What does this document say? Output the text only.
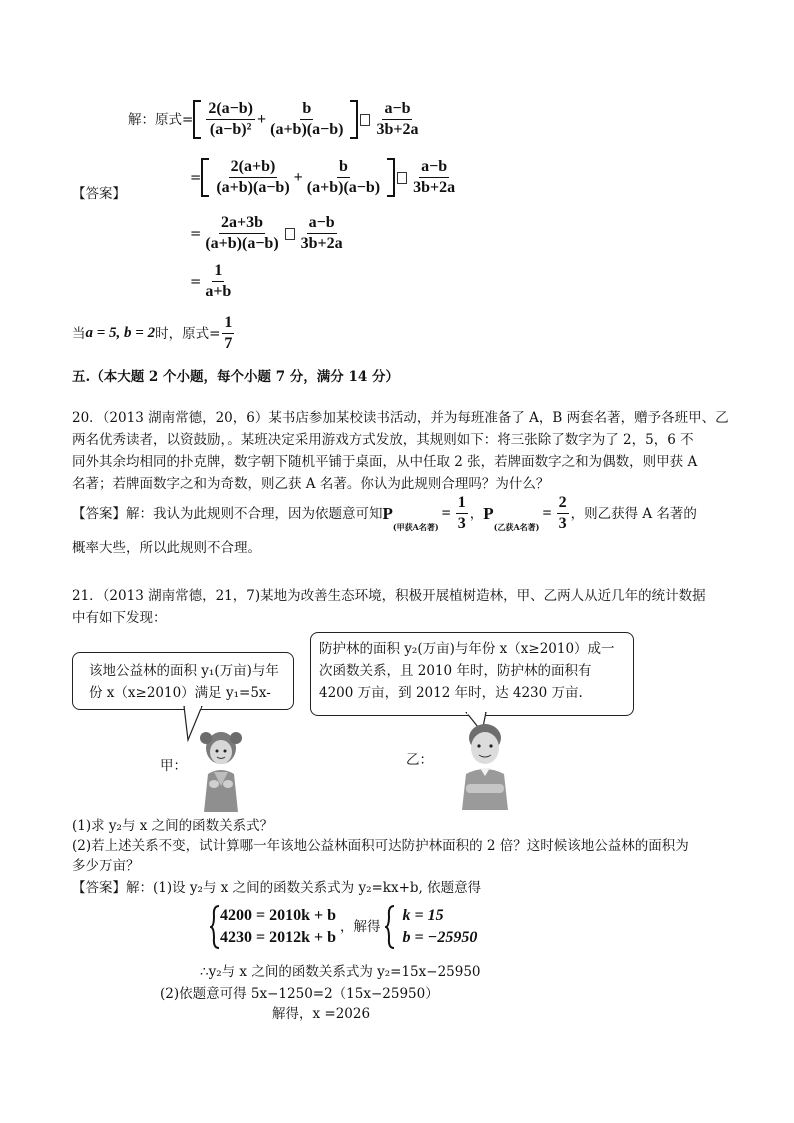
解：原式= $\frac{2(a-b)}{\text{(a−b)²}} + \frac{b}{(a+b)(a-b)} \frac{a-b}{3b+2a}$
【答案】
= $\frac{2(a+b)}{(a+b)(a-b)} + \frac{b}{(a+b)(a-b)} \frac{a-b}{3b+2a}$
= $\frac{2a+3b}{(a+b)(a-b)} \frac{a-b}{3b+2a}$
= $\frac{1}{a+b}$
当 a = 5, b = 2 时，原式= $\frac{1}{7}$
五.（本大题 2 个小题，每个小题 7 分，满分 14 分）
20．（2013 湖南常德，20，6）某书店参加某校读书活动，并为每班准备了 A，B 两套名著，赠予各班甲、乙
两名优秀读者，以资鼓励，。某班决定采用游戏方式发放，其规则如下：将三张除了数字为了 2，5，6 不
同外其余均相同的扑克牌，数字朝下随机平铺于桌面，从中任取 2 张，若牌面数字之和为偶数，则甲获 A
名著；若牌面数字之和为奇数，则乙获 A 名著。你认为此规则合理吗？为什么？
【答案】 解：我认为此规则不合理，因为依题意可知 P
(甲获A名著)
= $\frac{1}{3}$ ， P
(乙获A名著)
= $\frac{2}{3}$ ，则乙获得 A 名著的
概率大些，所以此规则不合理。
21．（2013 湖南常德，21，7)某地为改善生态环境，积极开展植树造林，甲、乙两人从近几年的统计数据
中有如下发现：
该地公益林的面积 y₁(万亩)与年
份 x（x≥2010）满足 y₁=5x-
防护林的面积 y₂(万亩)与年份 x（x≥2010）成一
次函数关系，且 2010 年时，防护林的面积有
4200 万亩，到 2012 年时，达 4230 万亩.
甲：	乙：
(1)求 y₂与 x 之间的函数关系式？
(2)若上述关系不变，试计算哪一年该地公益林面积可达防护林面积的 2 倍？这时候该地公益林的面积为
多少万亩？
【答案】 解：(1)设 y₂与 x 之间的函数关系式为 y₂=kx+b, 依题意得
4200 = 2010k + b
4230 = 2012k + b
，解得
k = 15
b = −25950
∴y₂与 x 之间的函数关系式为 y₂=15x−25950
(2)依题意可得 5x−1250=2（15x−25950）
解得，x =2026
